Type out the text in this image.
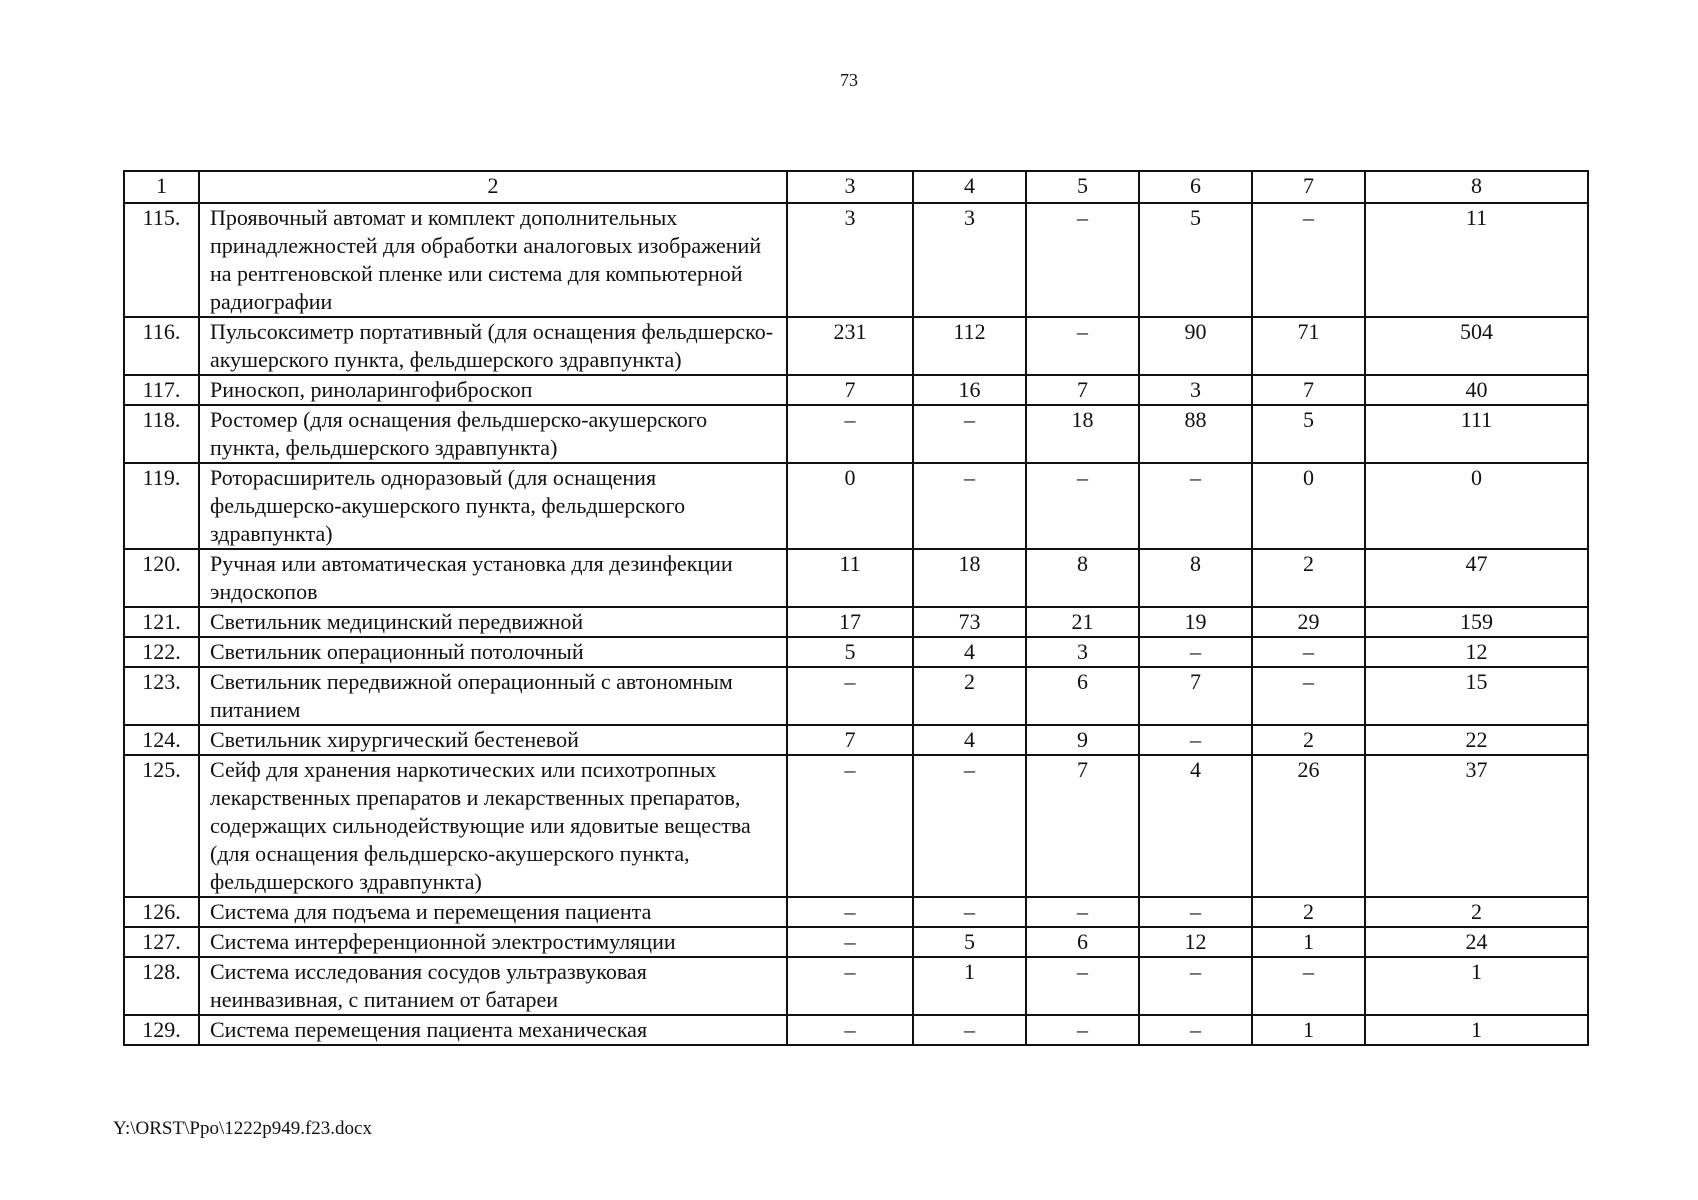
73
1	2	3	4	5	6	7	8
115.	Проявочный автомат и комплект дополнительных принадлежностей для обработки аналоговых изображений на рентгеновской пленке или система для компьютерной радиографии	3	3	–	5	–	11
116.	Пульсоксиметр портативный (для оснащения фельдшерско-акушерского пункта, фельдшерского здравпункта)	231	112	–	90	71	504
117.	Риноскоп, риноларингофиброскоп	7	16	7	3	7	40
118.	Ростомер (для оснащения фельдшерско-акушерского пункта, фельдшерского здравпункта)	–	–	18	88	5	111
119.	Роторасширитель одноразовый (для оснащения фельдшерско-акушерского пункта, фельдшерского здравпункта)	0	–	–	–	0	0
120.	Ручная или автоматическая установка для дезинфекции эндоскопов	11	18	8	8	2	47
121.	Светильник медицинский передвижной	17	73	21	19	29	159
122.	Светильник операционный потолочный	5	4	3	–	–	12
123.	Светильник передвижной операционный с автономным питанием	–	2	6	7	–	15
124.	Светильник хирургический бестеневой	7	4	9	–	2	22
125.	Сейф для хранения наркотических или психотропных лекарственных препаратов и лекарственных препаратов, содержащих сильнодействующие или ядовитые вещества (для оснащения фельдшерско-акушерского пункта, фельдшерского здравпункта)	–	–	7	4	26	37
126.	Система для подъема и перемещения пациента	–	–	–	–	2	2
127.	Система интерференционной электростимуляции	–	5	6	12	1	24
128.	Система исследования сосудов ультразвуковая неинвазивная, с питанием от батареи	–	1	–	–	–	1
129.	Система перемещения пациента механическая	–	–	–	–	1	1
Y:\ORST\Ppo\1222p949.f23.docx
